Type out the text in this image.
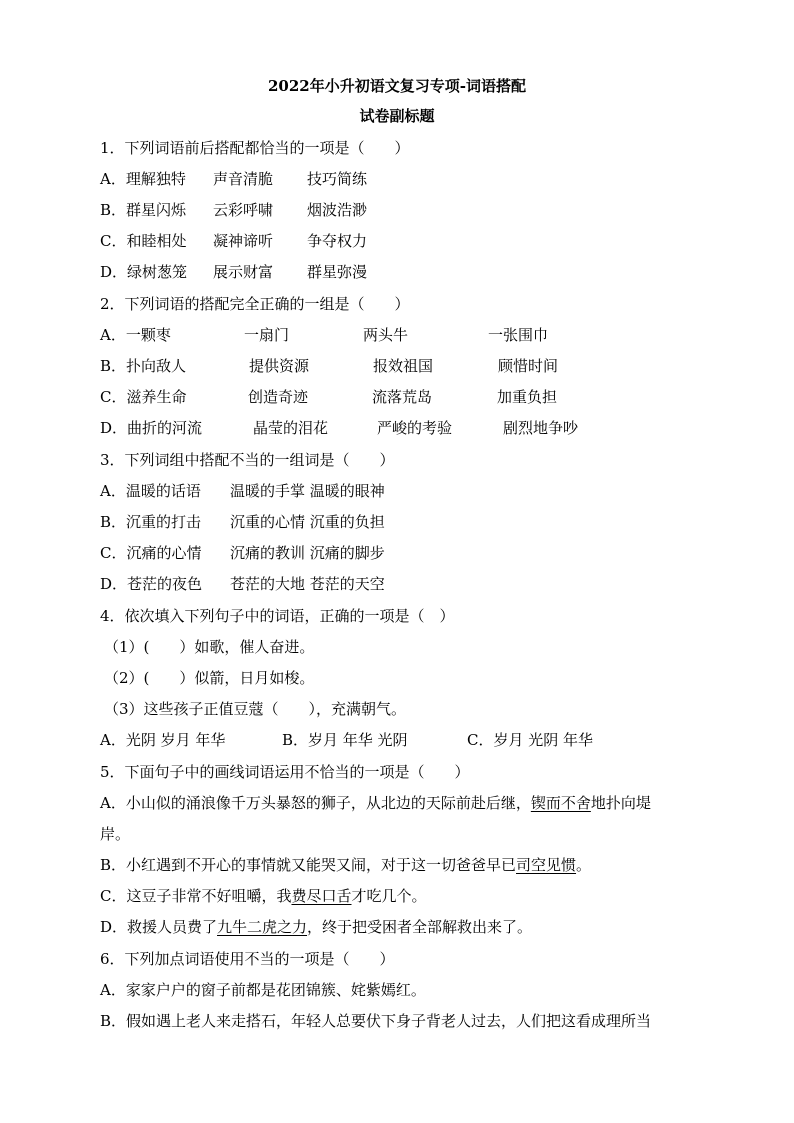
2022年小升初语文复习专项-词语搭配
试卷副标题
1．下列词语前后搭配都恰当的一项是（　　）
A．理解独特 声音清脆 技巧简练
B．群星闪烁 云彩呼啸 烟波浩渺
C．和睦相处 凝神谛听 争夺权力
D．绿树葱笼 展示财富 群星弥漫
2．下列词语的搭配完全正确的一组是（　　）
A．一颗枣	一扇门	两头牛	一张围巾
B．扑向敌人	提供资源	报效祖国	顾惜时间
C．滋养生命	创造奇迹	流落荒岛	加重负担
D．曲折的河流	晶莹的泪花	严峻的考验	剧烈地争吵
3．下列词组中搭配不当的一组词是（　　）
A．温暖的话语 温暖的手掌 温暖的眼神
B．沉重的打击 沉重的心情 沉重的负担
C．沉痛的心情 沉痛的教训 沉痛的脚步
D．苍茫的夜色 苍茫的大地 苍茫的天空
4．依次填入下列句子中的词语，正确的一项是（　）
（1）(　　）如歌，催人奋进。
（2）(　　）似箭，日月如梭。
（3）这些孩子正值豆蔻（　　），充满朝气。
A．光阴 岁月 年华	B．岁月 年华 光阴	C．岁月 光阴 年华
5．下面句子中的画线词语运用不恰当的一项是（　　）
A．小山似的涌浪像千万头暴怒的狮子，从北边的天际前赴后继，锲而不舍地扑向堤
岸。
B．小红遇到不开心的事情就又能哭又闹，对于这一切爸爸早已司空见惯。
C．这豆子非常不好咀嚼，我费尽口舌才吃几个。
D．救援人员费了九牛二虎之力，终于把受困者全部解救出来了。
6．下列加点词语使用不当的一项是（　　）
A．家家户户的窗子前都是花团锦簇、姹紫嫣红。
B．假如遇上老人来走搭石，年轻人总要伏下身子背老人过去，人们把这看成理所当
